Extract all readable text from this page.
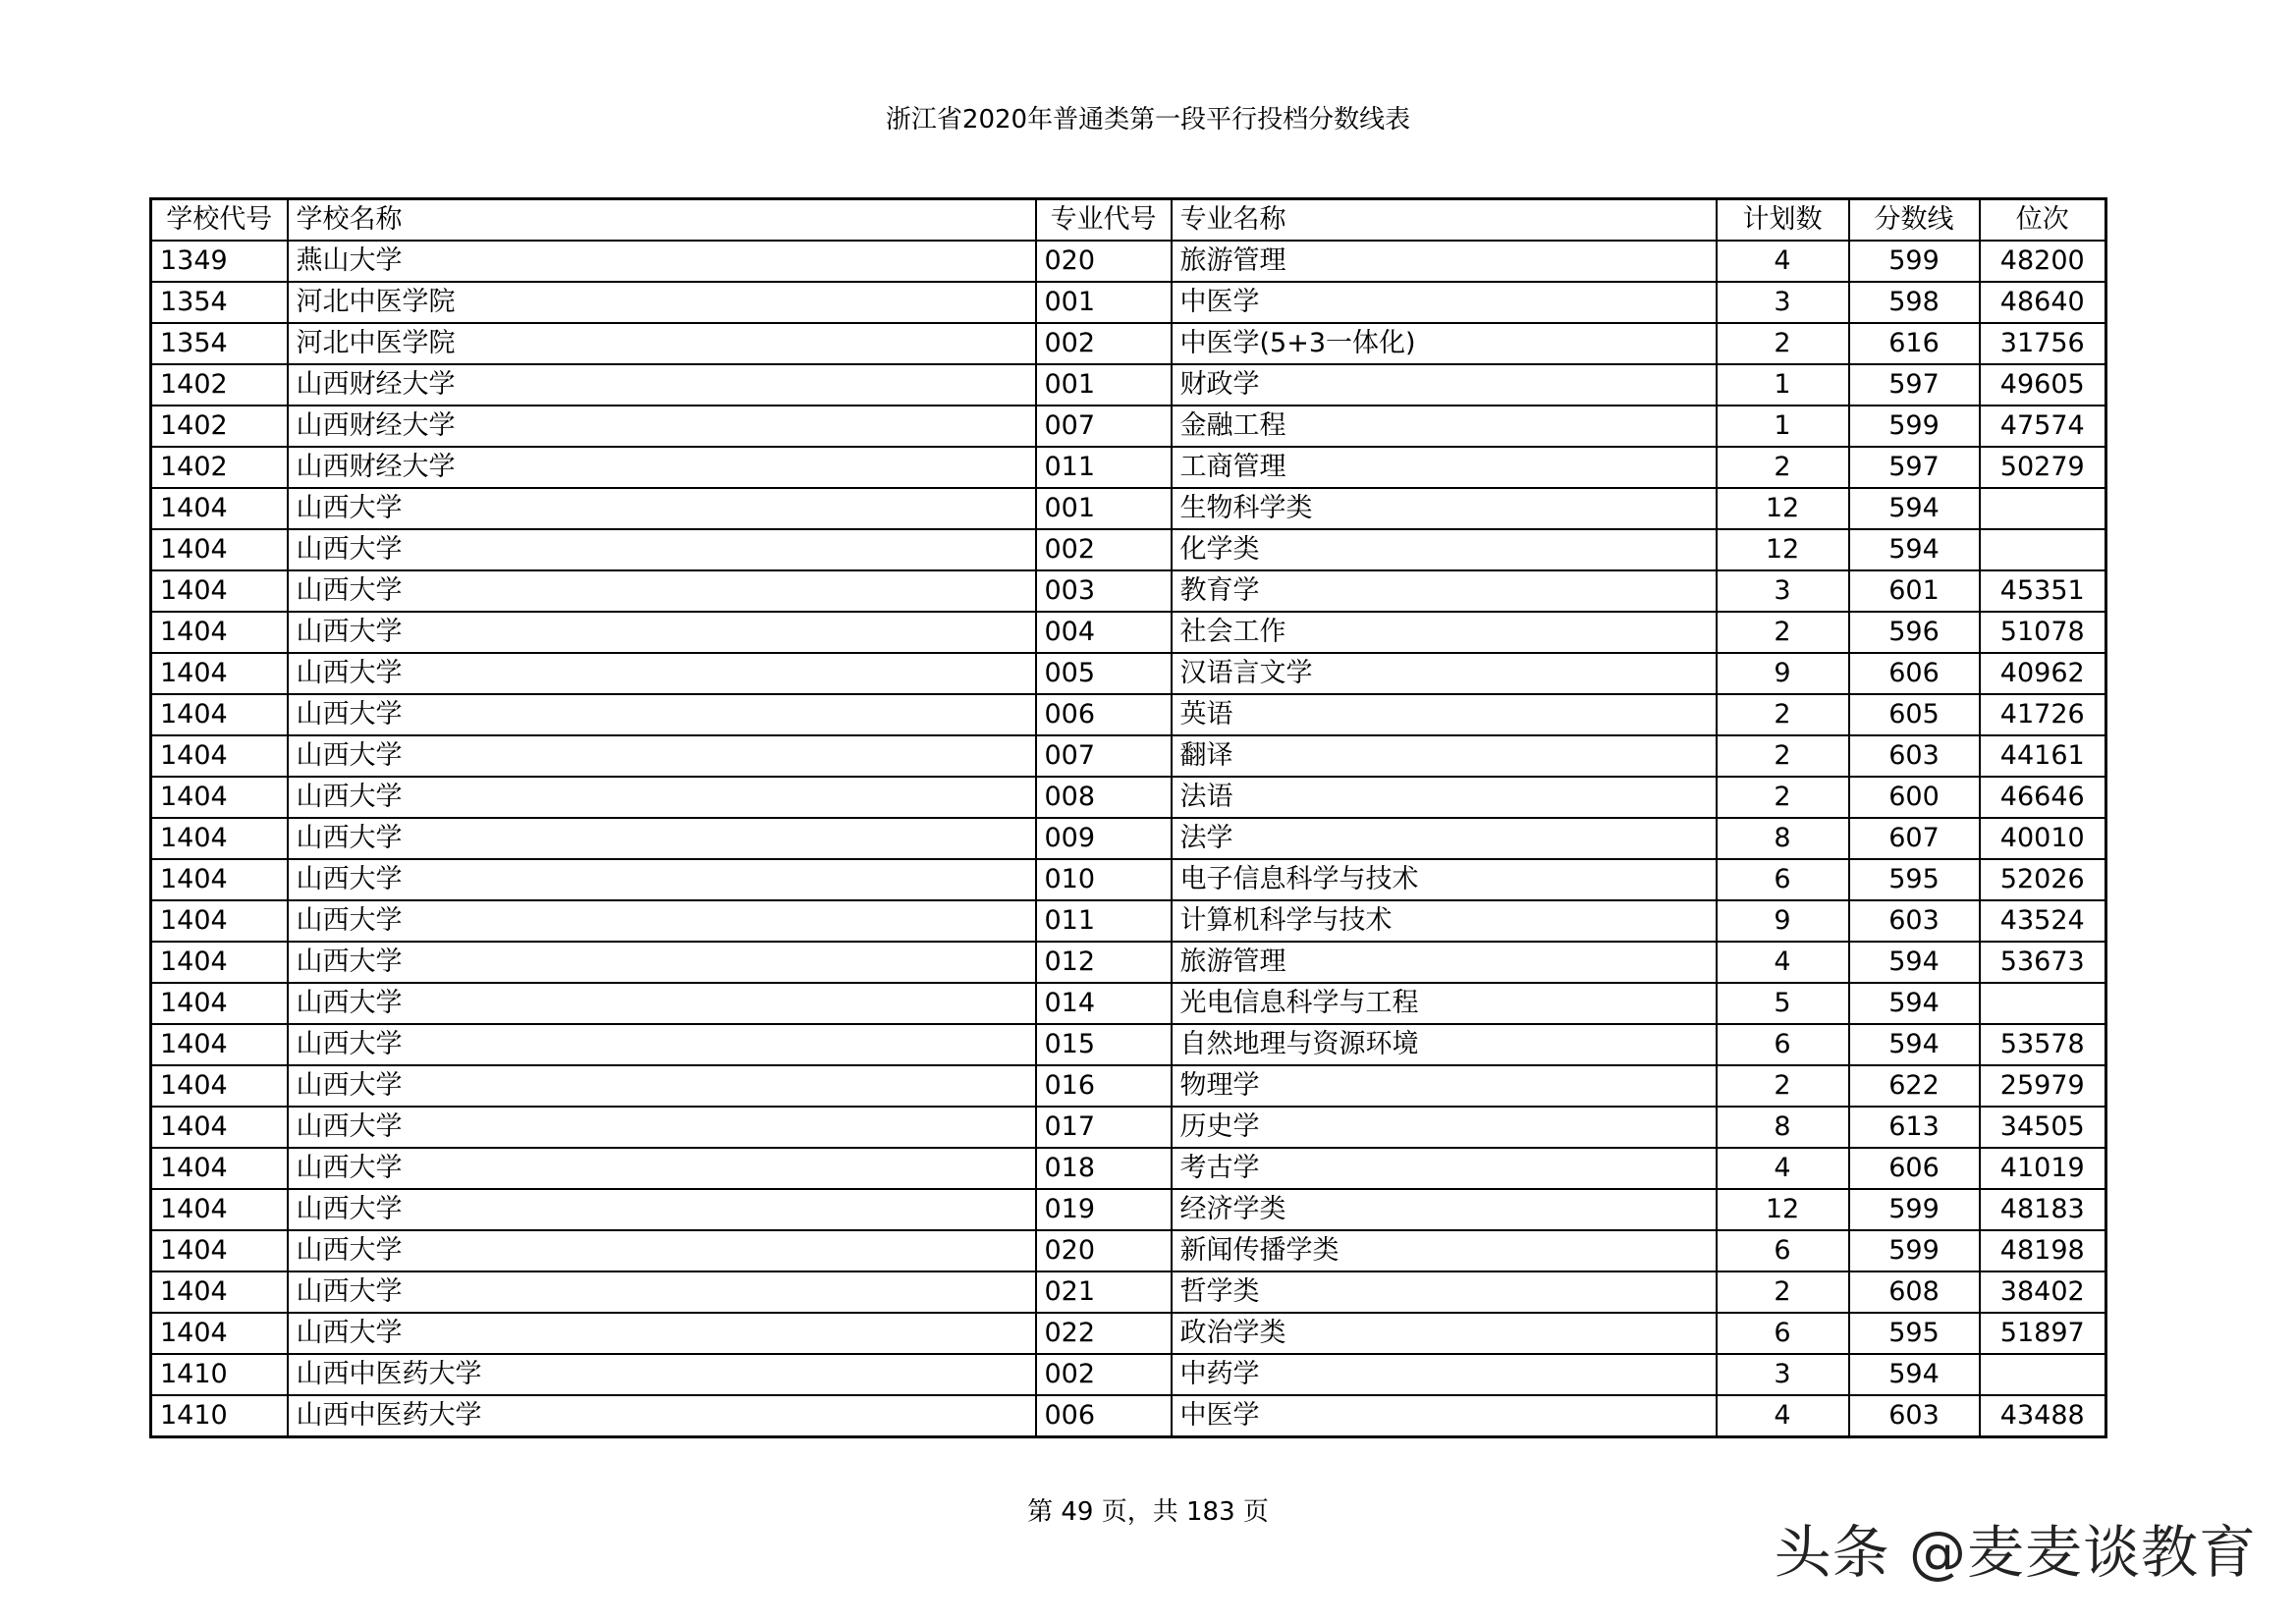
浙江省2020年普通类第一段平行投档分数线表
学校代号	学校名称	专业代号	专业名称	计划数	分数线	位次
1349	燕山大学	020	旅游管理	4	599	48200
1354	河北中医学院	001	中医学	3	598	48640
1354	河北中医学院	002	中医学(5+3一体化)	2	616	31756
1402	山西财经大学	001	财政学	1	597	49605
1402	山西财经大学	007	金融工程	1	599	47574
1402	山西财经大学	011	工商管理	2	597	50279
1404	山西大学	001	生物科学类	12	594	
1404	山西大学	002	化学类	12	594	
1404	山西大学	003	教育学	3	601	45351
1404	山西大学	004	社会工作	2	596	51078
1404	山西大学	005	汉语言文学	9	606	40962
1404	山西大学	006	英语	2	605	41726
1404	山西大学	007	翻译	2	603	44161
1404	山西大学	008	法语	2	600	46646
1404	山西大学	009	法学	8	607	40010
1404	山西大学	010	电子信息科学与技术	6	595	52026
1404	山西大学	011	计算机科学与技术	9	603	43524
1404	山西大学	012	旅游管理	4	594	53673
1404	山西大学	014	光电信息科学与工程	5	594	
1404	山西大学	015	自然地理与资源环境	6	594	53578
1404	山西大学	016	物理学	2	622	25979
1404	山西大学	017	历史学	8	613	34505
1404	山西大学	018	考古学	4	606	41019
1404	山西大学	019	经济学类	12	599	48183
1404	山西大学	020	新闻传播学类	6	599	48198
1404	山西大学	021	哲学类	2	608	38402
1404	山西大学	022	政治学类	6	595	51897
1410	山西中医药大学	002	中药学	3	594	
1410	山西中医药大学	006	中医学	4	603	43488
第 49 页，共 183 页
头条 @麦麦谈教育
